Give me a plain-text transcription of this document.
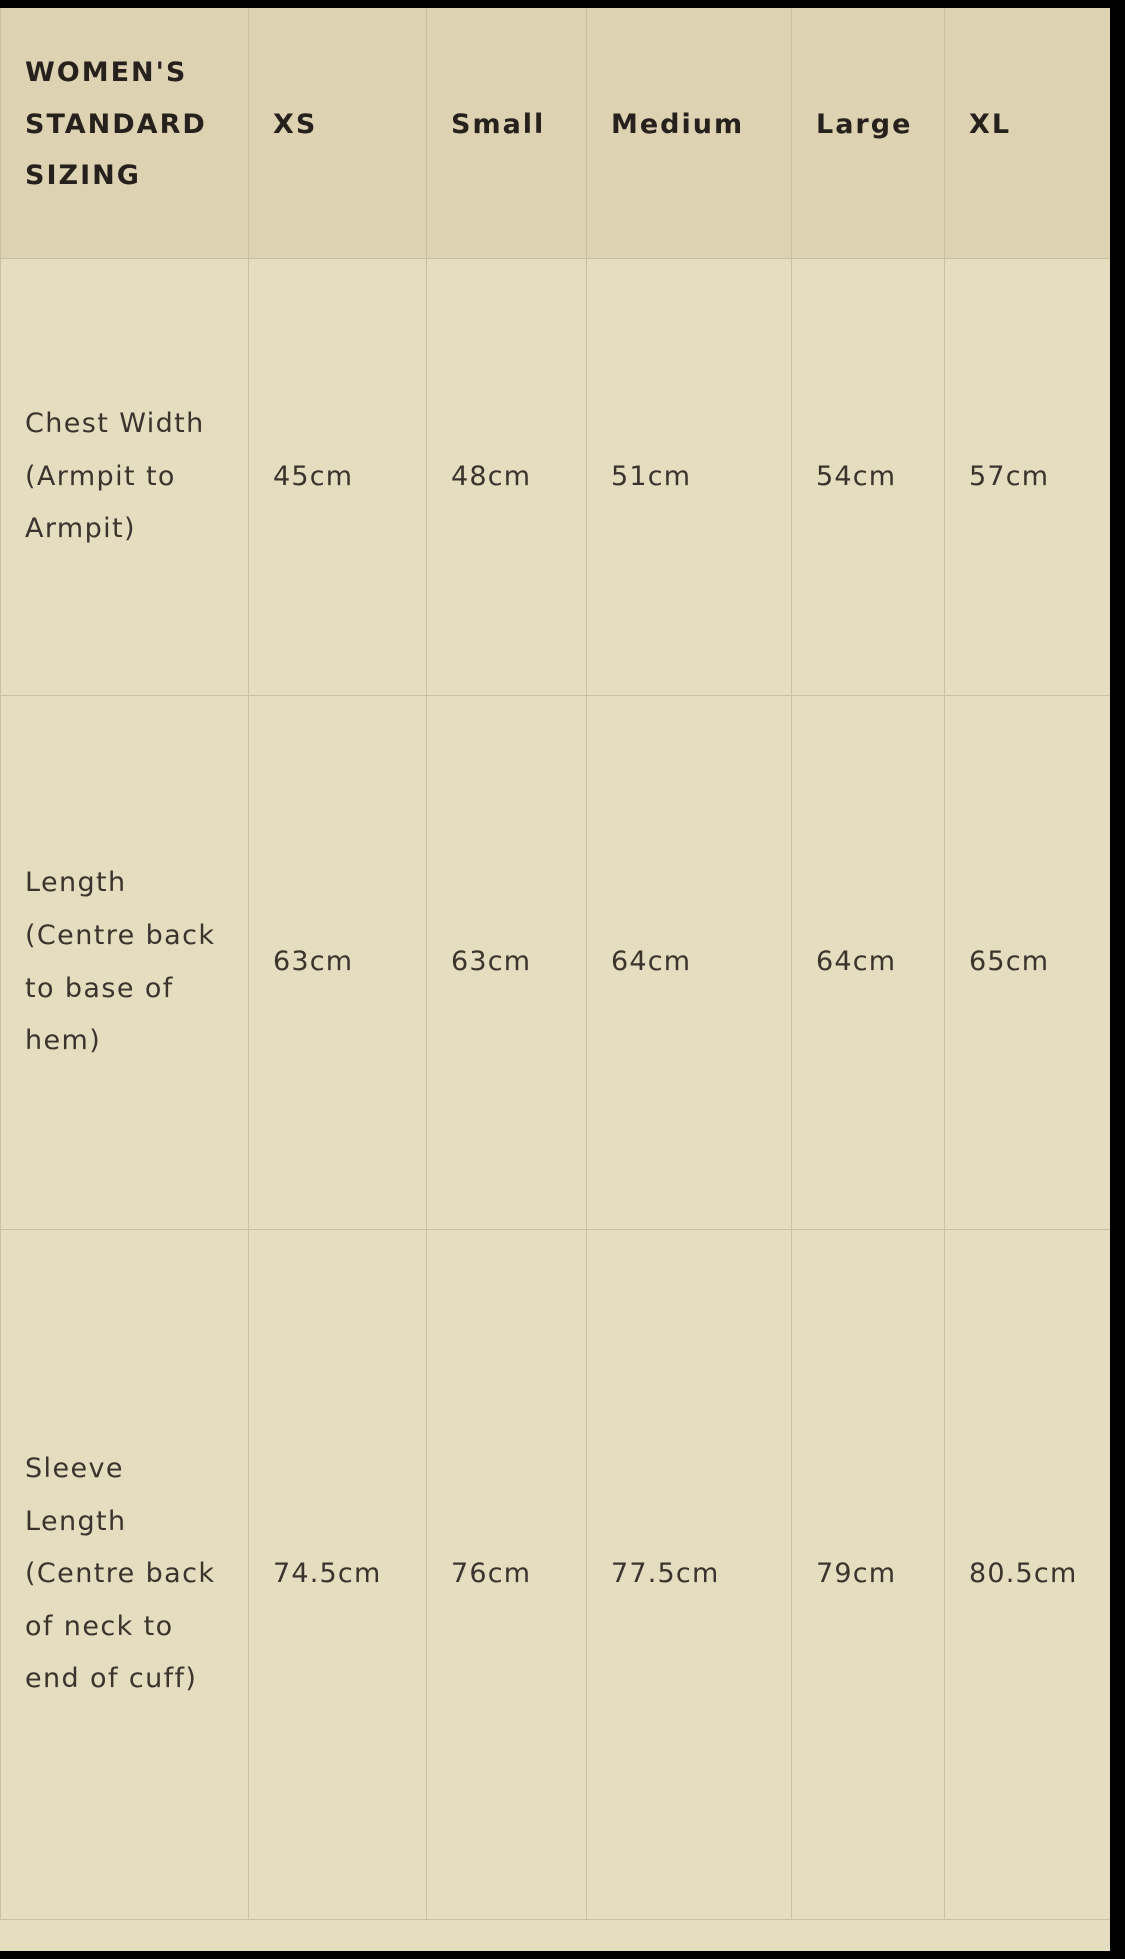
WOMEN'S STANDARD SIZING	XS	Small	Medium	Large	XL
Chest Width (Armpit to Armpit)	45cm	48cm	51cm	54cm	57cm
Length (Centre back to base of hem)	63cm	63cm	64cm	64cm	65cm
Sleeve Length (Centre back of neck to end of cuff)	74.5cm	76cm	77.5cm	79cm	80.5cm
